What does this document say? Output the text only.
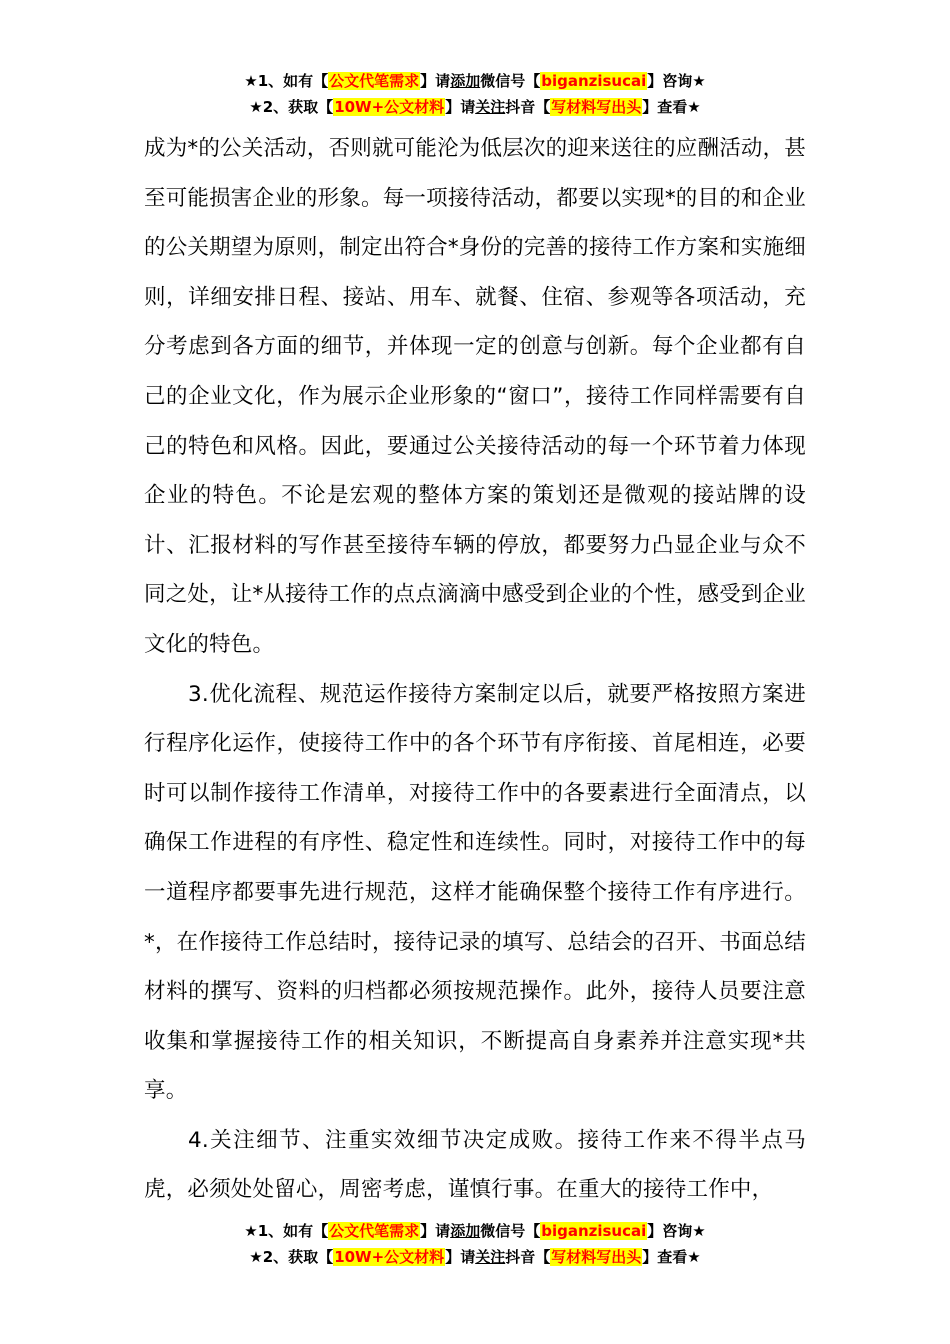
★1、如有【公文代笔需求】请添加微信号【biganzisucai】咨询★
★2、获取【10W+公文材料】请关注抖音【写材料写出头】查看★

成为*的公关活动，否则就可能沦为低层次的迎来送往的应酬活动，甚至可能损害企业的形象。每一项接待活动，都要以实现*的目的和企业的公关期望为原则，制定出符合*身份的完善的接待工作方案和实施细则，详细安排日程、接站、用车、就餐、住宿、参观等各项活动，充分考虑到各方面的细节，并体现一定的创意与创新。每个企业都有自己的企业文化，作为展示企业形象的“窗口”，接待工作同样需要有自己的特色和风格。因此，要通过公关接待活动的每一个环节着力体现企业的特色。不论是宏观的整体方案的策划还是微观的接站牌的设计、汇报材料的写作甚至接待车辆的停放，都要努力凸显企业与众不同之处，让*从接待工作的点点滴滴中感受到企业的个性，感受到企业文化的特色。

3.优化流程、规范运作接待方案制定以后，就要严格按照方案进行程序化运作，使接待工作中的各个环节有序衔接、首尾相连，必要时可以制作接待工作清单，对接待工作中的各要素进行全面清点，以确保工作进程的有序性、稳定性和连续性。同时，对接待工作中的每一道程序都要事先进行规范，这样才能确保整个接待工作有序进行。*，在作接待工作总结时，接待记录的填写、总结会的召开、书面总结材料的撰写、资料的归档都必须按规范操作。此外，接待人员要注意收集和掌握接待工作的相关知识，不断提高自身素养并注意实现*共享。

4.关注细节、注重实效细节决定成败。接待工作来不得半点马虎，必须处处留心，周密考虑，谨慎行事。在重大的接待工作中，

★1、如有【公文代笔需求】请添加微信号【biganzisucai】咨询★
★2、获取【10W+公文材料】请关注抖音【写材料写出头】查看★
